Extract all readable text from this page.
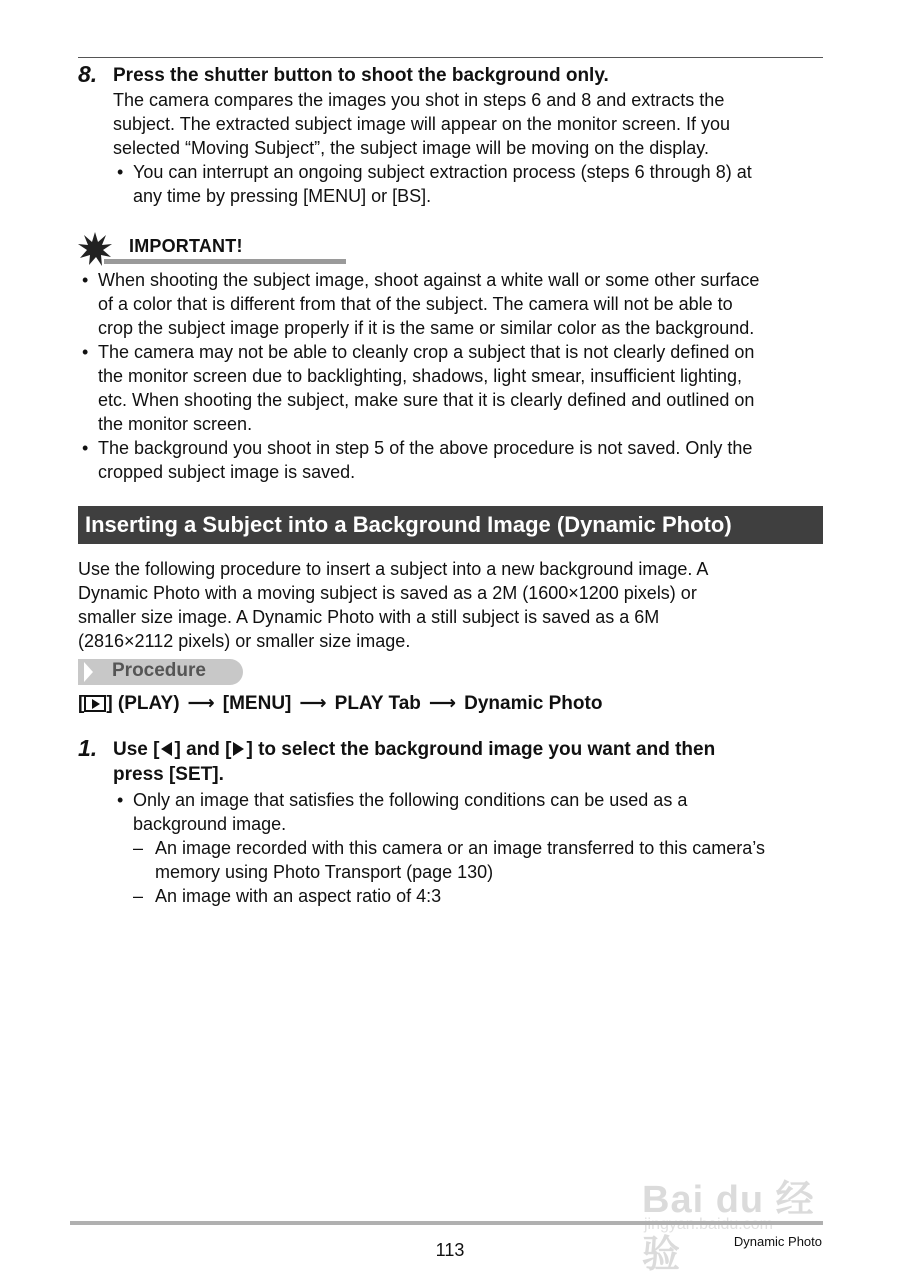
8. Press the shutter button to shoot the background only.
The camera compares the images you shot in steps 6 and 8 and extracts the
subject. The extracted subject image will appear on the monitor screen. If you
selected “Moving Subject”, the subject image will be moving on the display.
• You can interrupt an ongoing subject extraction process (steps 6 through 8) at
any time by pressing [MENU] or [BS].
IMPORTANT!
• When shooting the subject image, shoot against a white wall or some other surface
of a color that is different from that of the subject. The camera will not be able to
crop the subject image properly if it is the same or similar color as the background.
• The camera may not be able to cleanly crop a subject that is not clearly defined on
the monitor screen due to backlighting, shadows, light smear, insufficient lighting,
etc. When shooting the subject, make sure that it is clearly defined and outlined on
the monitor screen.
• The background you shoot in step 5 of the above procedure is not saved. Only the
cropped subject image is saved.
Inserting a Subject into a Background Image (Dynamic Photo)
Use the following procedure to insert a subject into a new background image. A
Dynamic Photo with a moving subject is saved as a 2M (1600×1200 pixels) or
smaller size image. A Dynamic Photo with a still subject is saved as a 6M
(2816×2112 pixels) or smaller size image.
Procedure
[ ] (PLAY) ⟶ [MENU] ⟶ PLAY Tab ⟶ Dynamic Photo
1. Use [ ] and [ ] to select the background image you want and then
press [SET].
• Only an image that satisfies the following conditions can be used as a
background image.
– An image recorded with this camera or an image transferred to this camera’s
memory using Photo Transport (page 130)
– An image with an aspect ratio of 4:3
Bai du 经验
113	Dynamic Photo
